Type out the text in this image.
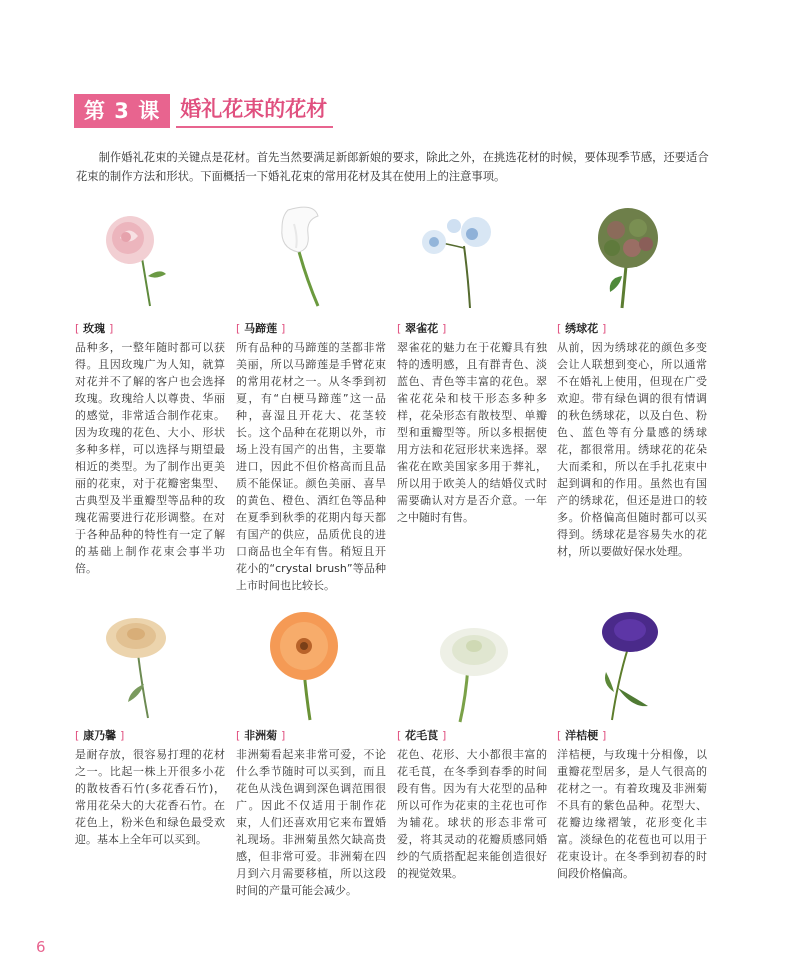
第 3 课 婚礼花束的花材

制作婚礼花束的关键点是花材。首先当然要满足新郎新娘的要求，除此之外，在挑选花材的时候，要体现季节感，还要适合花束的制作方法和形状。下面概括一下婚礼花束的常用花材及其在使用上的注意事项。

[ 玫瑰 ]

品种多，一整年随时都可以获得。且因玫瑰广为人知，就算对花并不了解的客户也会选择玫瑰。玫瑰给人以尊贵、华丽的感觉，非常适合制作花束。因为玫瑰的花色、大小、形状多种多样，可以选择与期望最相近的类型。为了制作出更美丽的花束，对于花瓣密集型、古典型及半重瓣型等品种的玫瑰花需要进行花形调整。在对于各种品种的特性有一定了解的基础上制作花束会事半功倍。

[ 马蹄莲 ]

所有品种的马蹄莲的茎都非常美丽，所以马蹄莲是手臂花束的常用花材之一。从冬季到初夏，有“白梗马蹄莲”这一品种，喜湿且开花大、花茎较长。这个品种在花期以外，市场上没有国产的出售，主要靠进口，因此不但价格高而且品质不能保证。颜色美丽、喜旱的黄色、橙色、酒红色等品种在夏季到秋季的花期内每天都有国产的供应，品质优良的进口商品也全年有售。稍短且开花小的“crystal brush”等品种上市时间也比较长。

[ 翠雀花 ]

翠雀花的魅力在于花瓣具有独特的透明感，且有群青色、淡蓝色、青色等丰富的花色。翠雀花花朵和枝干形态多种多样，花朵形态有散枝型、单瓣型和重瓣型等。所以多根据使用方法和花冠形状来选择。翠雀花在欧美国家多用于葬礼，所以用于欧美人的结婚仪式时需要确认对方是否介意。一年之中随时有售。

[ 绣球花 ]

从前，因为绣球花的颜色多变会让人联想到变心，所以通常不在婚礼上使用，但现在广受欢迎。带有绿色调的很有情调的秋色绣球花，以及白色、粉色、蓝色等有分量感的绣球花，都很常用。绣球花的花朵大而柔和，所以在手扎花束中起到调和的作用。虽然也有国产的绣球花，但还是进口的较多。价格偏高但随时都可以买得到。绣球花是容易失水的花材，所以要做好保水处理。

[ 康乃馨 ]

是耐存放，很容易打理的花材之一。比起一株上开很多小花的散枝香石竹(多花香石竹)，常用花朵大的大花香石竹。在花色上，粉米色和绿色最受欢迎。基本上全年可以买到。

[ 非洲菊 ]

非洲菊看起来非常可爱，不论什么季节随时可以买到，而且花色从浅色调到深色调范围很广。因此不仅适用于制作花束，人们还喜欢用它来布置婚礼现场。非洲菊虽然欠缺高贵感，但非常可爱。非洲菊在四月到六月需要移植，所以这段时间的产量可能会减少。

[ 花毛茛 ]

花色、花形、大小都很丰富的花毛茛，在冬季到春季的时间段有售。因为有大花型的品种所以可作为花束的主花也可作为辅花。球状的形态非常可爱，将其灵动的花瓣质感同婚纱的气质搭配起来能创造很好的视觉效果。

[ 洋桔梗 ]

洋桔梗，与玫瑰十分相像，以重瓣花型居多，是人气很高的花材之一。有着玫瑰及非洲菊不具有的紫色品种。花型大、花瓣边缘褶皱，花形变化丰富。淡绿色的花苞也可以用于花束设计。在冬季到初春的时间段价格偏高。

6
